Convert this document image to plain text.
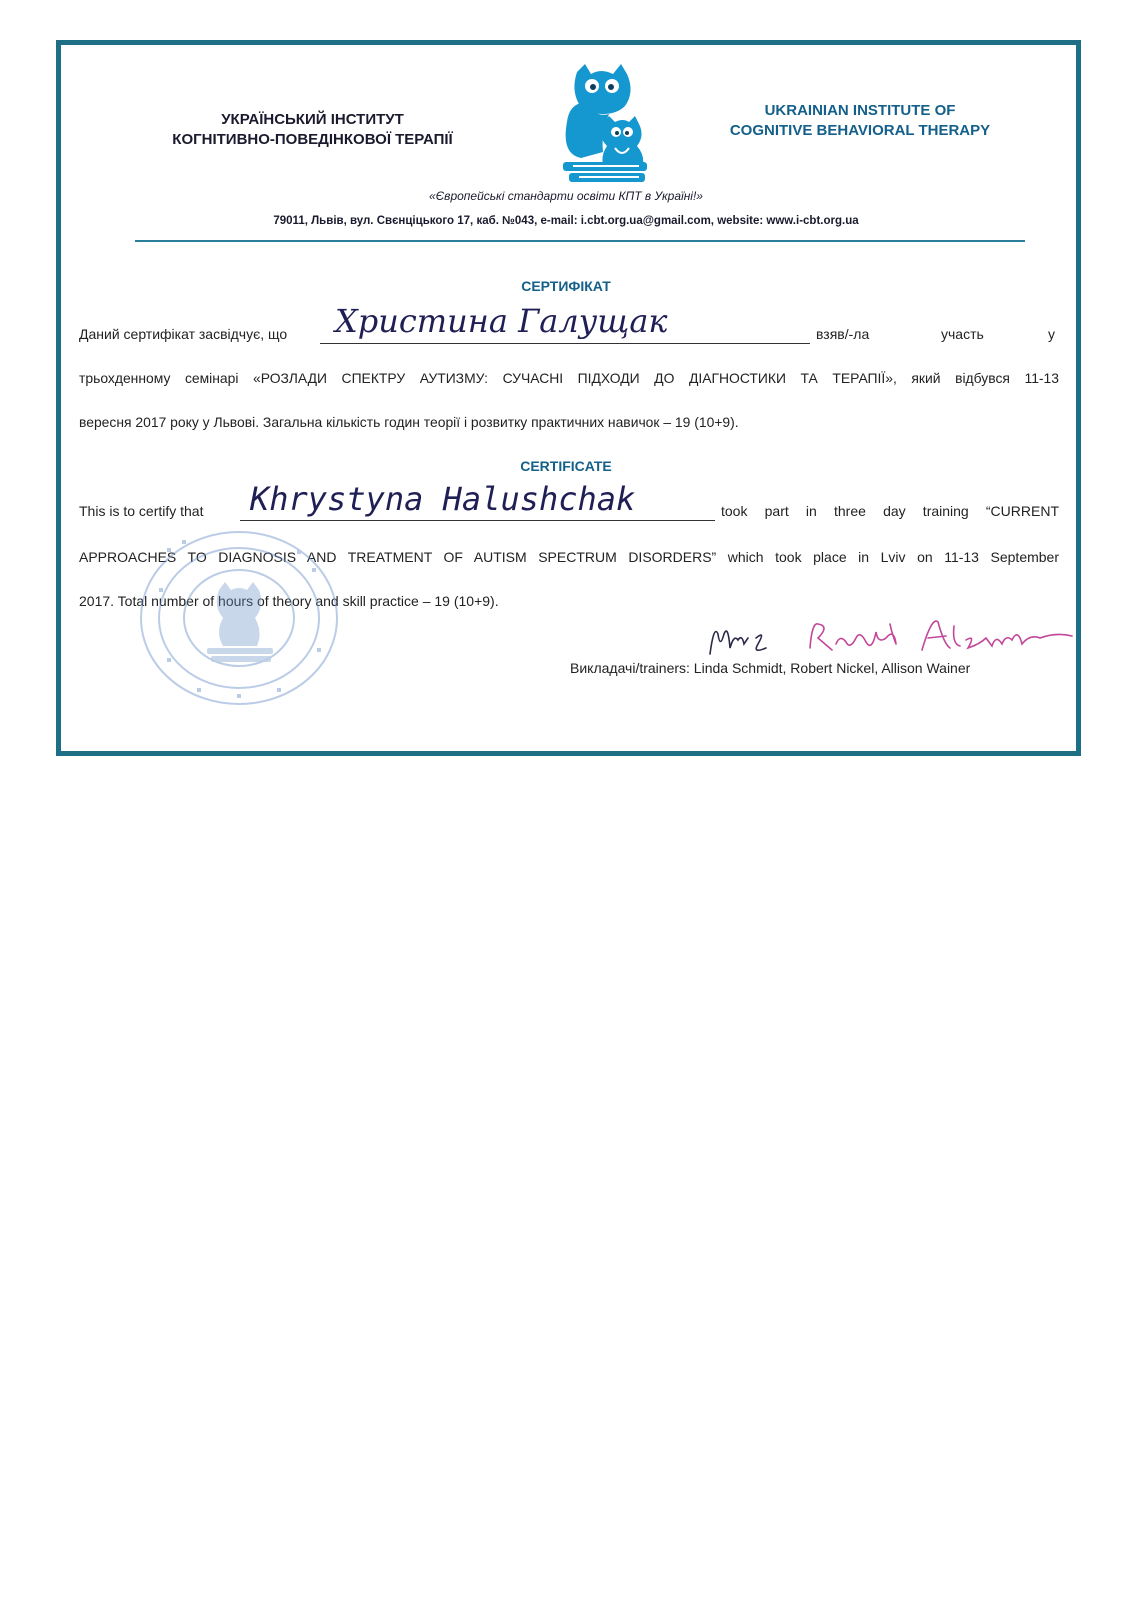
УКРАЇНСЬКИЙ ІНСТИТУТ
КОГНІТИВНО-ПОВЕДІНКОВОЇ ТЕРАПІЇ
UKRAINIAN INSTITUTE OF
COGNITIVE BEHAVIORAL THERAPY
«Європейські стандарти освіти КПТ в Україні!»
79011, Львів, вул. Свєнціцького 17, каб. №043, e-mail: i.cbt.org.ua@gmail.com, website: www.i-cbt.org.ua
СЕРТИФІКАТ
Даний сертифікат засвідчує, що	Христина Галущак	взяв/-ла	участь	у
трьохденному семінарі «РОЗЛАДИ СПЕКТРУ АУТИЗМУ: СУЧАСНІ ПІДХОДИ ДО ДІАГНОСТИКИ ТА ТЕРАПІЇ», який відбувся 11-13
вересня 2017 року у Львові. Загальна кількість годин теорії і розвитку практичних навичок – 19 (10+9).
CERTIFICATE
This is to certify that	Khrystyna Halushchak	took part in three day training “CURRENT
APPROACHES TO DIAGNOSIS AND TREATMENT OF AUTISM SPECTRUM DISORDERS” which took place in Lviv on 11-13 September
2017. Total number of hours of theory and skill practice – 19 (10+9).
Викладачі/trainers: Linda Schmidt, Robert Nickel, Allison Wainer
